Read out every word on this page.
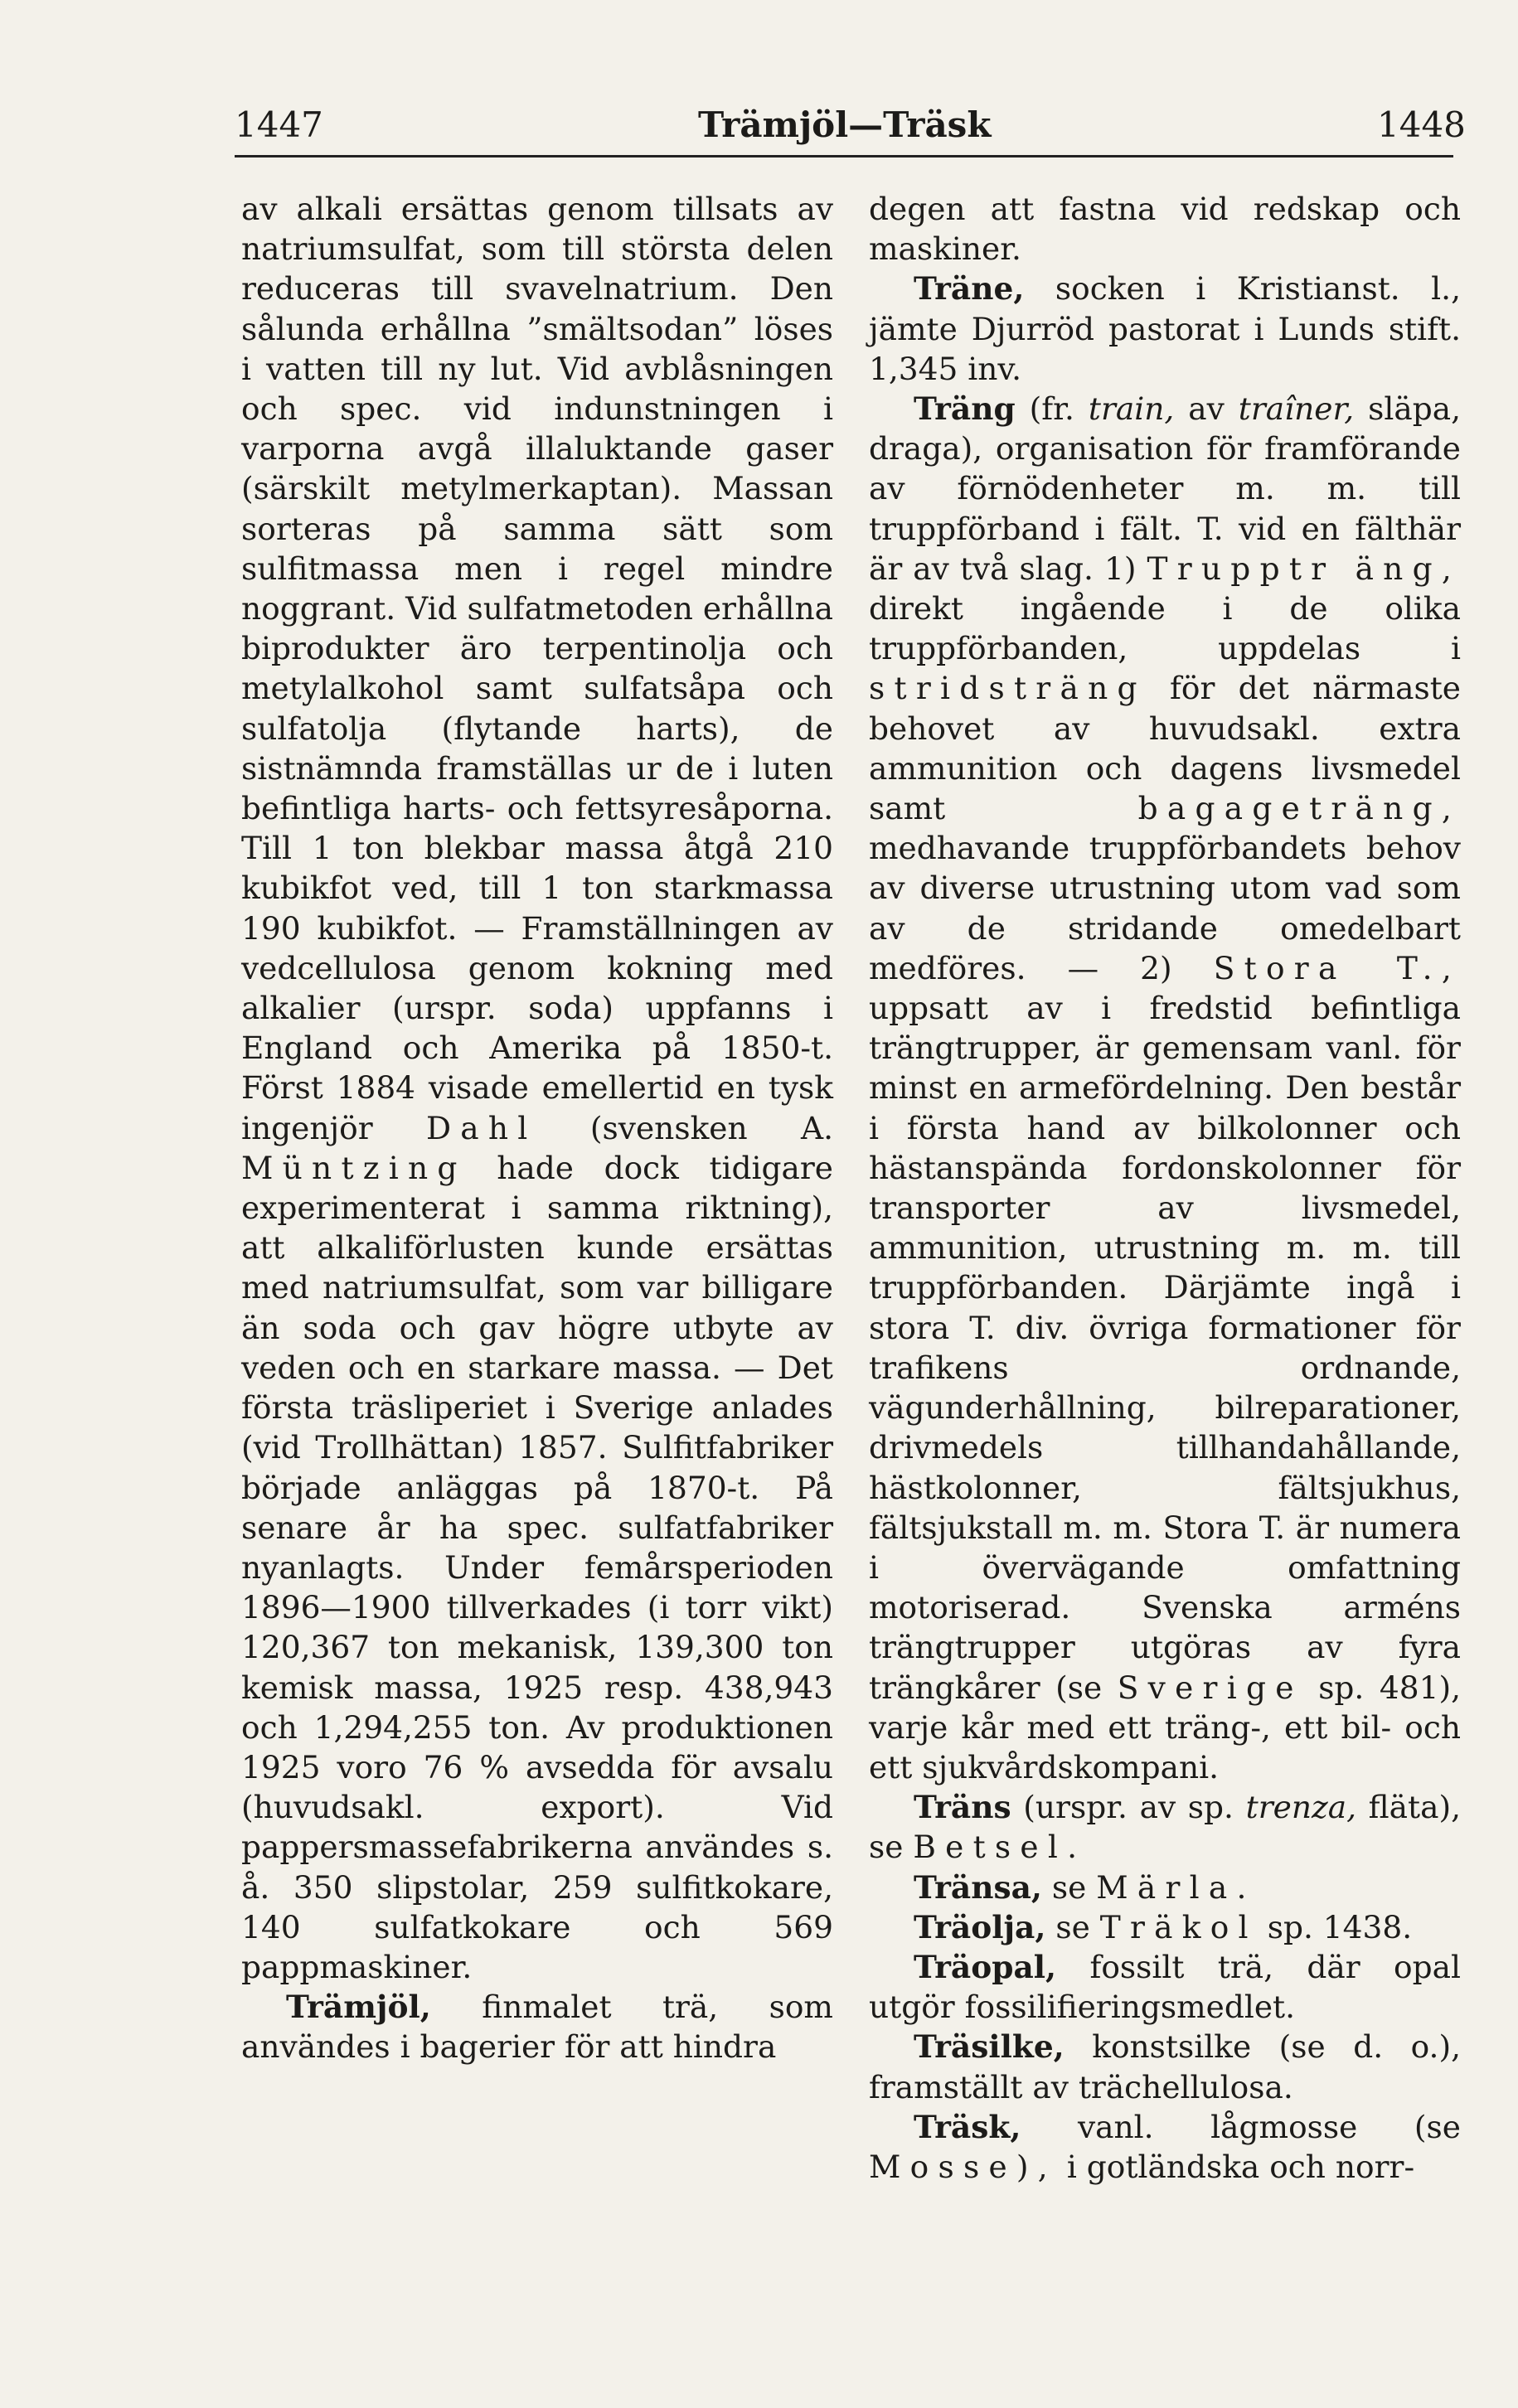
1447	Trämjöl—Träsk	1448

av alkali ersättas genom tillsats av natriumsulfat, som till största delen reduceras till svavelnatrium. Den sålunda erhållna ”smältsodan” löses i vatten till ny lut. Vid avblåsningen och spec. vid indunstningen i varporna avgå illaluktande gaser (särskilt metylmerkaptan). Massan sorteras på samma sätt som sulfitmassa men i regel mindre noggrant. Vid sulfatmetoden erhållna biprodukter äro terpentinolja och metylalkohol samt sulfatsåpa och sulfatolja (flytande harts), de sistnämnda framställas ur de i luten befintliga harts- och fettsyresåporna. Till 1 ton blekbar massa åtgå 210 kubikfot ved, till 1 ton starkmassa 190 kubikfot. — Framställningen av vedcellulosa genom kokning med alkalier (urspr. soda) uppfanns i England och Amerika på 1850-t. Först 1884 visade emellertid en tysk ingenjör Dahl (svensken A. Müntzing hade dock tidigare experimenterat i samma riktning), att alkaliförlusten kunde ersättas med natriumsulfat, som var billigare än soda och gav högre utbyte av veden och en starkare massa. — Det första träsliperiet i Sverige anlades (vid Trollhättan) 1857. Sulfitfabriker började anläggas på 1870-t. På senare år ha spec. sulfatfabriker nyanlagts. Under femårsperioden 1896—1900 tillverkades (i torr vikt) 120,367 ton mekanisk, 139,300 ton kemisk massa, 1925 resp. 438,943 och 1,294,255 ton. Av produktionen 1925 voro 76 % avsedda för avsalu (huvudsakl. export). Vid pappersmassefabrikerna användes s. å. 350 slipstolar, 259 sulfitkokare, 140 sulfatkokare och 569 pappmaskiner.

Trämjöl, finmalet trä, som användes i bagerier för att hindra

degen att fastna vid redskap och maskiner.

Träne, socken i Kristianst. l., jämte Djurröd pastorat i Lunds stift. 1,345 inv.

Träng (fr. train, av traîner, släpa, draga), organisation för framförande av förnödenheter m. m. till truppförband i fält. T. vid en fälthär är av två slag. 1) Trupptr äng, direkt ingående i de olika truppförbanden, uppdelas i stridsträng för det närmaste behovet av huvudsakl. extra ammunition och dagens livsmedel samt	bagageträng, medhavande truppförbandets behov av diverse utrustning utom vad som av de stridande omedelbart medföres. — 2) Stora T., uppsatt av i fredstid befintliga trängtrupper, är gemensam vanl. för minst en armefördelning. Den består i första hand av bilkolonner och hästanspända fordonskolonner för transporter av livsmedel, ammunition, utrustning m. m. till truppförbanden. Därjämte ingå i stora T. div. övriga formationer för trafikens ordnande, vägunderhållning, bilreparationer, drivmedels tillhandahållande, hästkolonner, fältsjukhus, fältsjukstall m. m. Stora T. är numera i övervägande omfattning motoriserad. Svenska arméns trängtrupper utgöras av fyra trängkårer (se Sverige sp. 481), varje kår med ett träng-, ett bil- och ett sjukvårdskompani.

Träns (urspr. av sp. trenza, fläta), se Betsel.

Tränsa, se Märla.

Träolja, se Träkol sp. 1438.

Träopal, fossilt trä, där opal utgör fossilifieringsmedlet.

Träsilke, konstsilke (se d. o.), framställt av trächellulosa.

Träsk, vanl. lågmosse (se Mosse), i gotländska och norr-
